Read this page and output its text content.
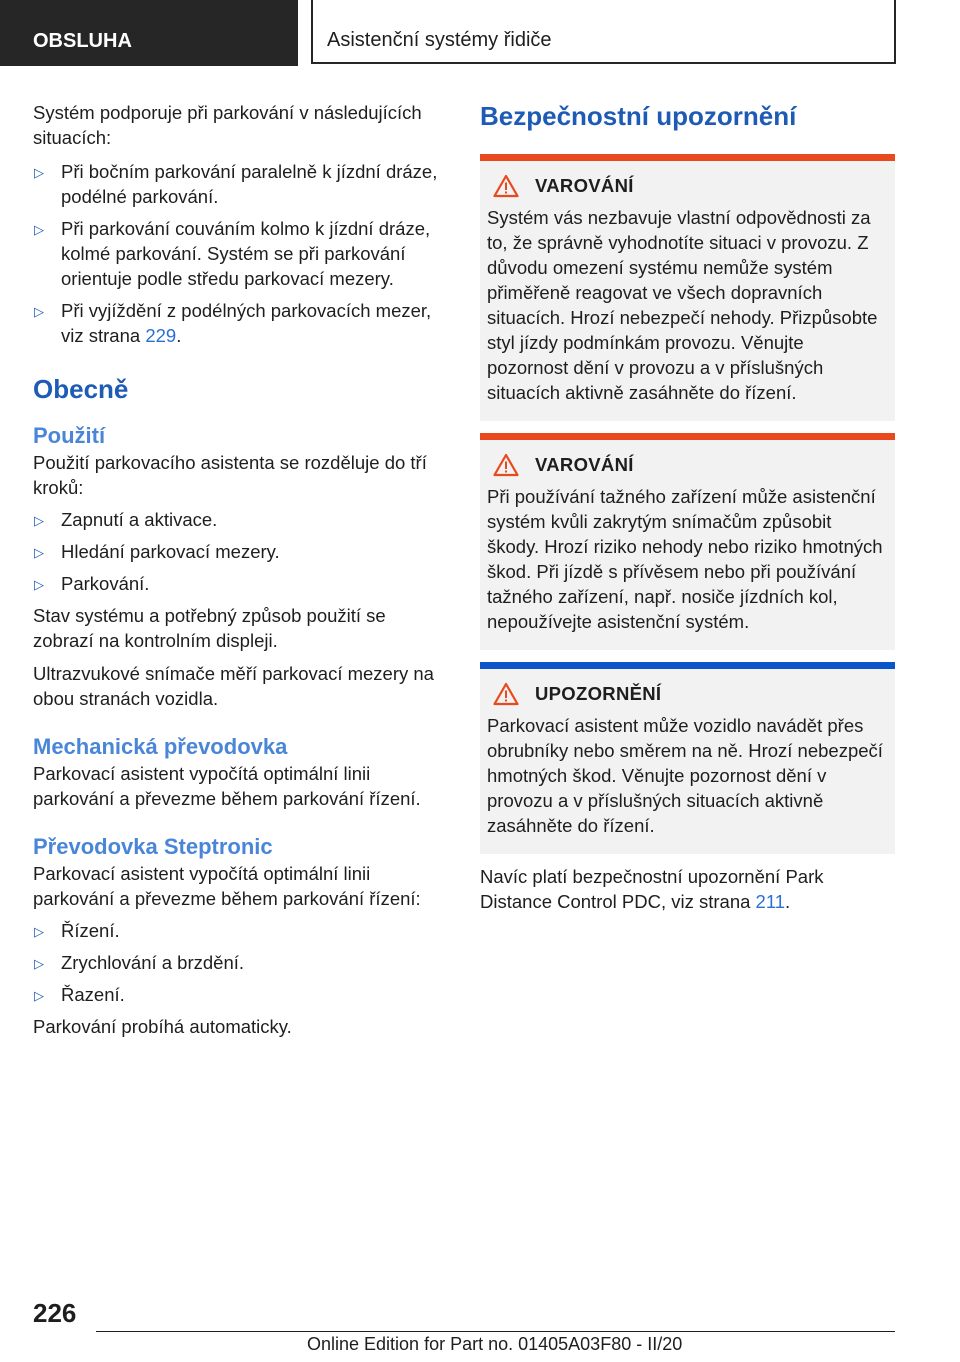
OBSLUHA	Asistenční systémy řidiče

Systém podporuje při parkování v následujících situacích:

▷ Při bočním parkování paralelně k jízdní dráze, podélné parkování.
▷ Při parkování couváním kolmo k jízdní dráze, kolmé parkování. Systém se při parkování orientuje podle středu parkovací mezery.
▷ Při vyjíždění z podélných parkovacích mezer, viz strana 229.
Obecně
Použití

Použití parkovacího asistenta se rozděluje do tří kroků:

▷ Zapnutí a aktivace.
▷ Hledání parkovací mezery.
▷ Parkování.

Stav systému a potřebný způsob použití se zobrazí na kontrolním displeji.

Ultrazvukové snímače měří parkovací mezery na obou stranách vozidla.

Mechanická převodovka

Parkovací asistent vypočítá optimální linii parkování a převezme během parkování řízení.

Převodovka Steptronic

Parkovací asistent vypočítá optimální linii parkování a převezme během parkování řízení:

▷ Řízení.
▷ Zrychlování a brzdění.
▷ Řazení.

Parkování probíhá automaticky.

Bezpečnostní upozornění
VAROVÁNÍ

Systém vás nezbavuje vlastní odpovědnosti za to, že správně vyhodnotíte situaci v provozu. Z důvodu omezení systému nemůže systém přiměřeně reagovat ve všech dopravních situacích. Hrozí nebezpečí nehody. Přizpůsobte styl jízdy podmínkám provozu. Věnujte pozornost dění v provozu a v příslušných situacích aktivně zasáhněte do řízení.

VAROVÁNÍ

Při používání tažného zařízení může asistenční systém kvůli zakrytým snímačům způsobit škody. Hrozí riziko nehody nebo riziko hmotných škod. Při jízdě s přívěsem nebo při používání tažného zařízení, např. nosiče jízdních kol, nepoužívejte asistenční systém.

UPOZORNĚNÍ

Parkovací asistent může vozidlo navádět přes obrubníky nebo směrem na ně. Hrozí nebezpečí hmotných škod. Věnujte pozornost dění v provozu a v příslušných situacích aktivně zasáhněte do řízení.

Navíc platí bezpečnostní upozornění Park Distance Control PDC, viz strana 211.

226
Online Edition for Part no. 01405A03F80 - II/20
